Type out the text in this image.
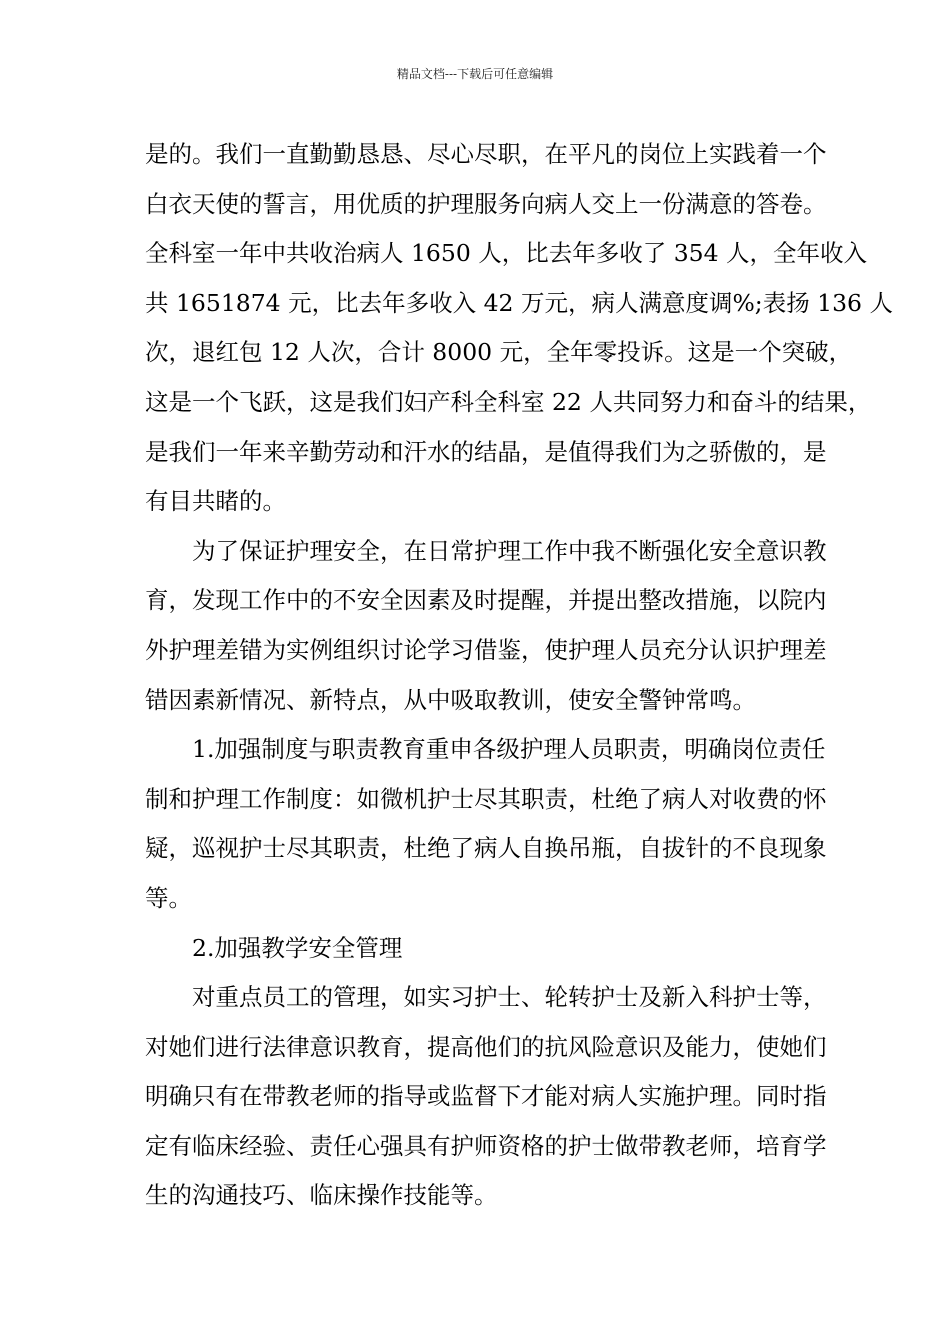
精品文档---下载后可任意编辑
是的。我们一直勤勤恳恳、尽心尽职，在平凡的岗位上实践着一个
白衣天使的誓言，用优质的护理服务向病人交上一份满意的答卷。
全科室一年中共收治病人 1650 人，比去年多收了 354 人，全年收入
共 1651874 元，比去年多收入 42 万元，病人满意度调%;表扬 136 人
次，退红包 12 人次，合计 8000 元，全年零投诉。这是一个突破，
这是一个飞跃，这是我们妇产科全科室 22 人共同努力和奋斗的结果，
是我们一年来辛勤劳动和汗水的结晶，是值得我们为之骄傲的，是
有目共睹的。
为了保证护理安全，在日常护理工作中我不断强化安全意识教
育，发现工作中的不安全因素及时提醒，并提出整改措施，以院内
外护理差错为实例组织讨论学习借鉴，使护理人员充分认识护理差
错因素新情况、新特点，从中吸取教训，使安全警钟常鸣。
1.加强制度与职责教育重申各级护理人员职责，明确岗位责任
制和护理工作制度：如微机护士尽其职责，杜绝了病人对收费的怀
疑，巡视护士尽其职责，杜绝了病人自换吊瓶，自拔针的不良现象
等。
2.加强教学安全管理
对重点员工的管理，如实习护士、轮转护士及新入科护士等，
对她们进行法律意识教育，提高他们的抗风险意识及能力，使她们
明确只有在带教老师的指导或监督下才能对病人实施护理。同时指
定有临床经验、责任心强具有护师资格的护士做带教老师，培育学
生的沟通技巧、临床操作技能等。
